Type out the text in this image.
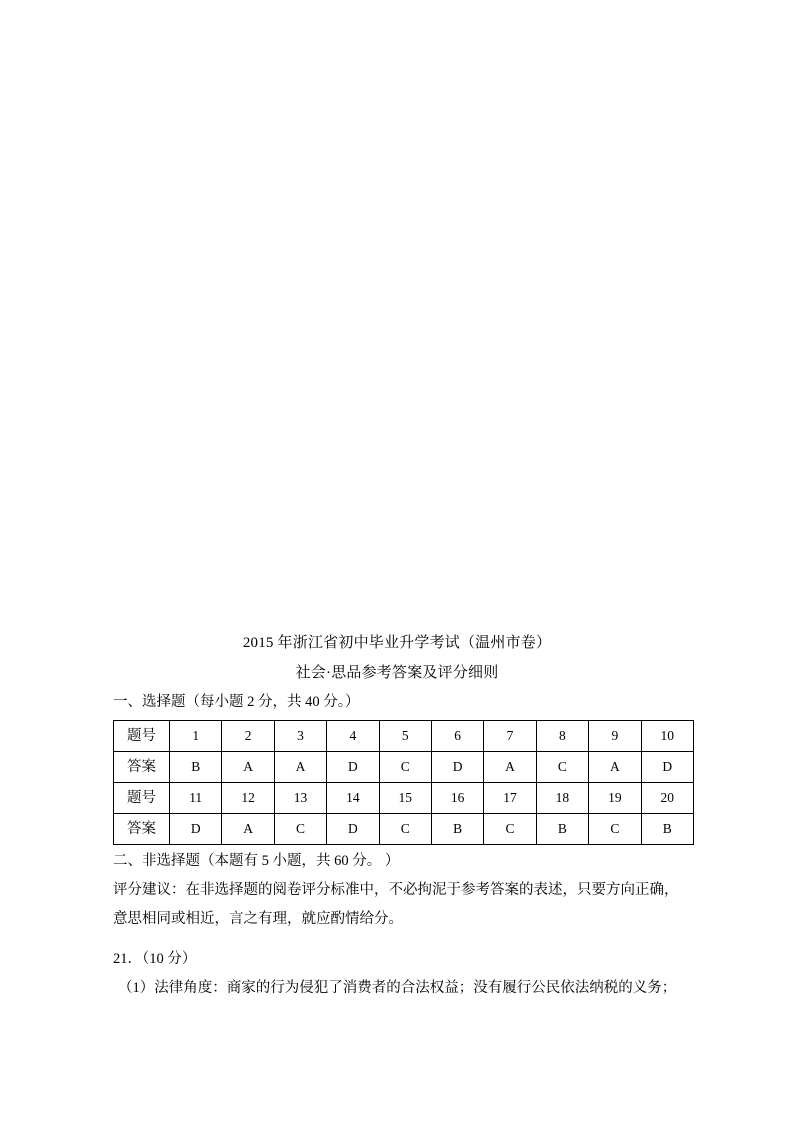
2015 年浙江省初中毕业升学考试（温州市卷）
社会·思品参考答案及评分细则

一、选择题（每小题 2 分，共 40 分。）

题号	1	2	3	4	5	6	7	8	9	10
答案	B	A	A	D	C	D	A	C	A	D
题号	11	12	13	14	15	16	17	18	19	20
答案	D	A	C	D	C	B	C	B	C	B

二、非选择题（本题有 5 小题，共 60 分。 ）

评分建议：在非选择题的阅卷评分标准中，不必拘泥于参考答案的表述，只要方向正确，

意思相同或相近，言之有理，就应酌情给分。

21．（10 分）

（1）法律角度：商家的行为侵犯了消费者的合法权益；没有履行公民依法纳税的义务；
